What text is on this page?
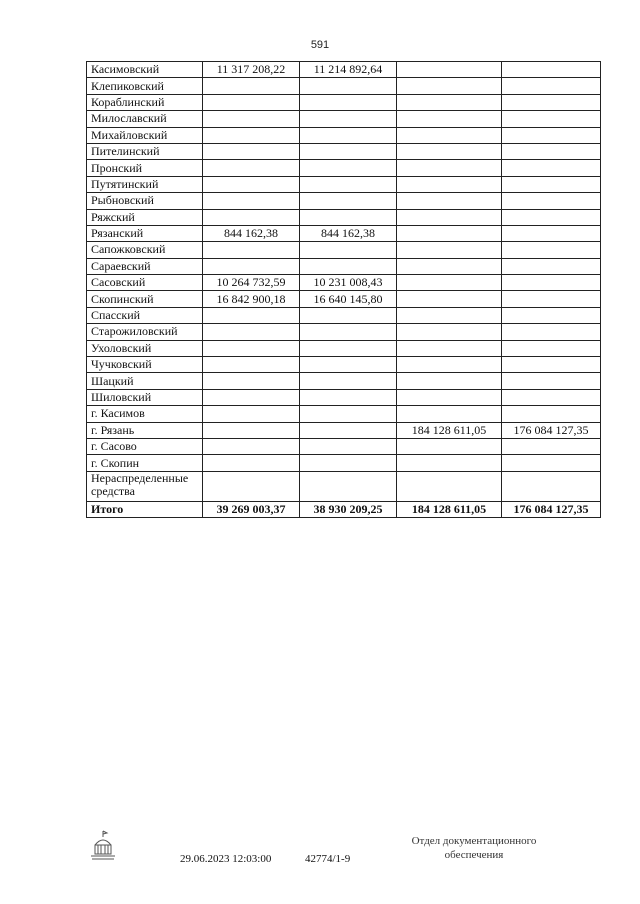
591
Касимовский	11 317 208,22	11 214 892,64		
Клепиковский				
Кораблинский				
Милославский				
Михайловский				
Пителинский				
Пронский				
Путятинский				
Рыбновский				
Ряжский				
Рязанский	844 162,38	844 162,38		
Сапожковский				
Сараевский				
Сасовский	10 264 732,59	10 231 008,43		
Скопинский	16 842 900,18	16 640 145,80		
Спасский				
Старожиловский				
Ухоловский				
Чучковский				
Шацкий				
Шиловский				
г. Касимов				
г. Рязань			184 128 611,05	176 084 127,35
г. Сасово				
г. Скопин				
Нераспределенные средства				
Итого	39 269 003,37	38 930 209,25	184 128 611,05	176 084 127,35
29.06.2023 12:03:00	42774/1-9
Отдел документационного обеспечения
